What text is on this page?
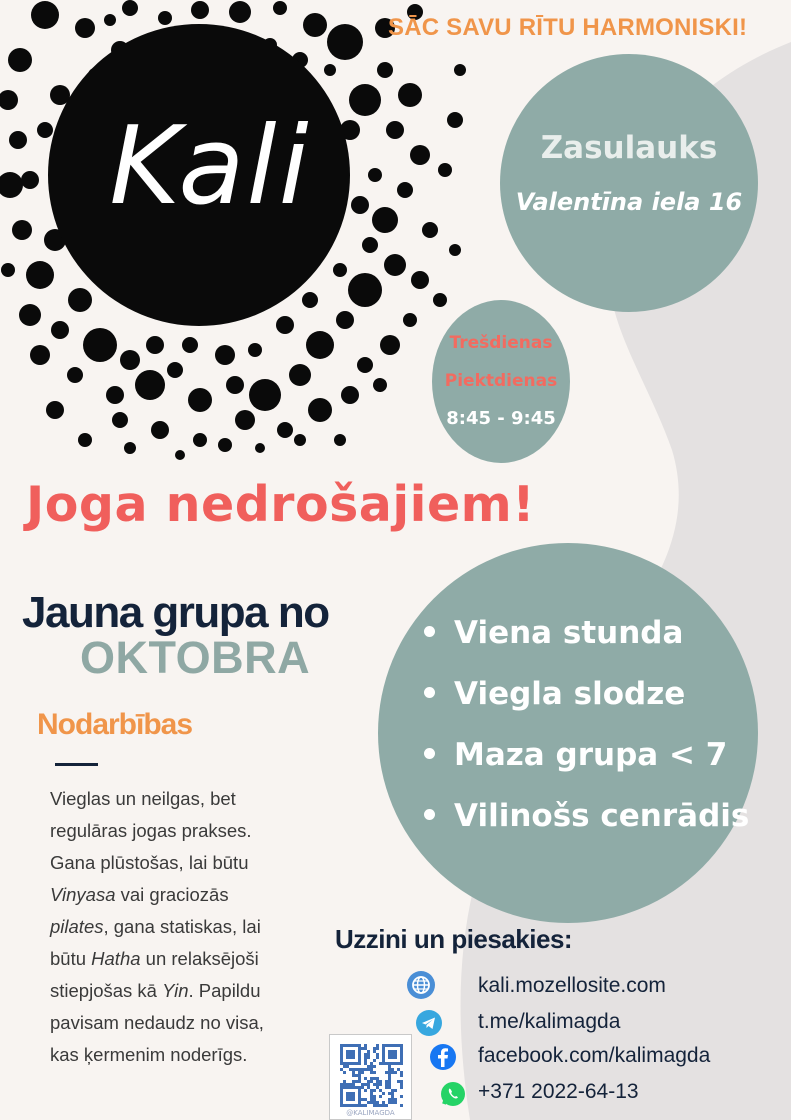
Kali
SĀC SAVU RĪTU HARMONISKI!
Zasulauks
Valentīna iela 16
Trešdienas
Piektdienas
8:45 - 9:45
Joga nedrošajiem!
Jauna grupa no
OKTOBRA	Viena stunda
Viegla slodze
Maza grupa < 7
Vilinošs cenrādis
Nodarbības
Vieglas un neilgas, bet
regulāras jogas prakses.
Gana plūstošas, lai būtu
Vinyasa vai graciozās
pilates, gana statiskas, lai
būtu Hatha un relaksējoši
stiepjošas kā Yin. Papildu
pavisam nedaudz no visa,
kas ķermenim noderīgs.
Uzzini un piesakies:
kali.mozellosite.com
t.me/kalimagda
facebook.com/kalimagda
+371 2022-64-13
@KALIMAGDA
